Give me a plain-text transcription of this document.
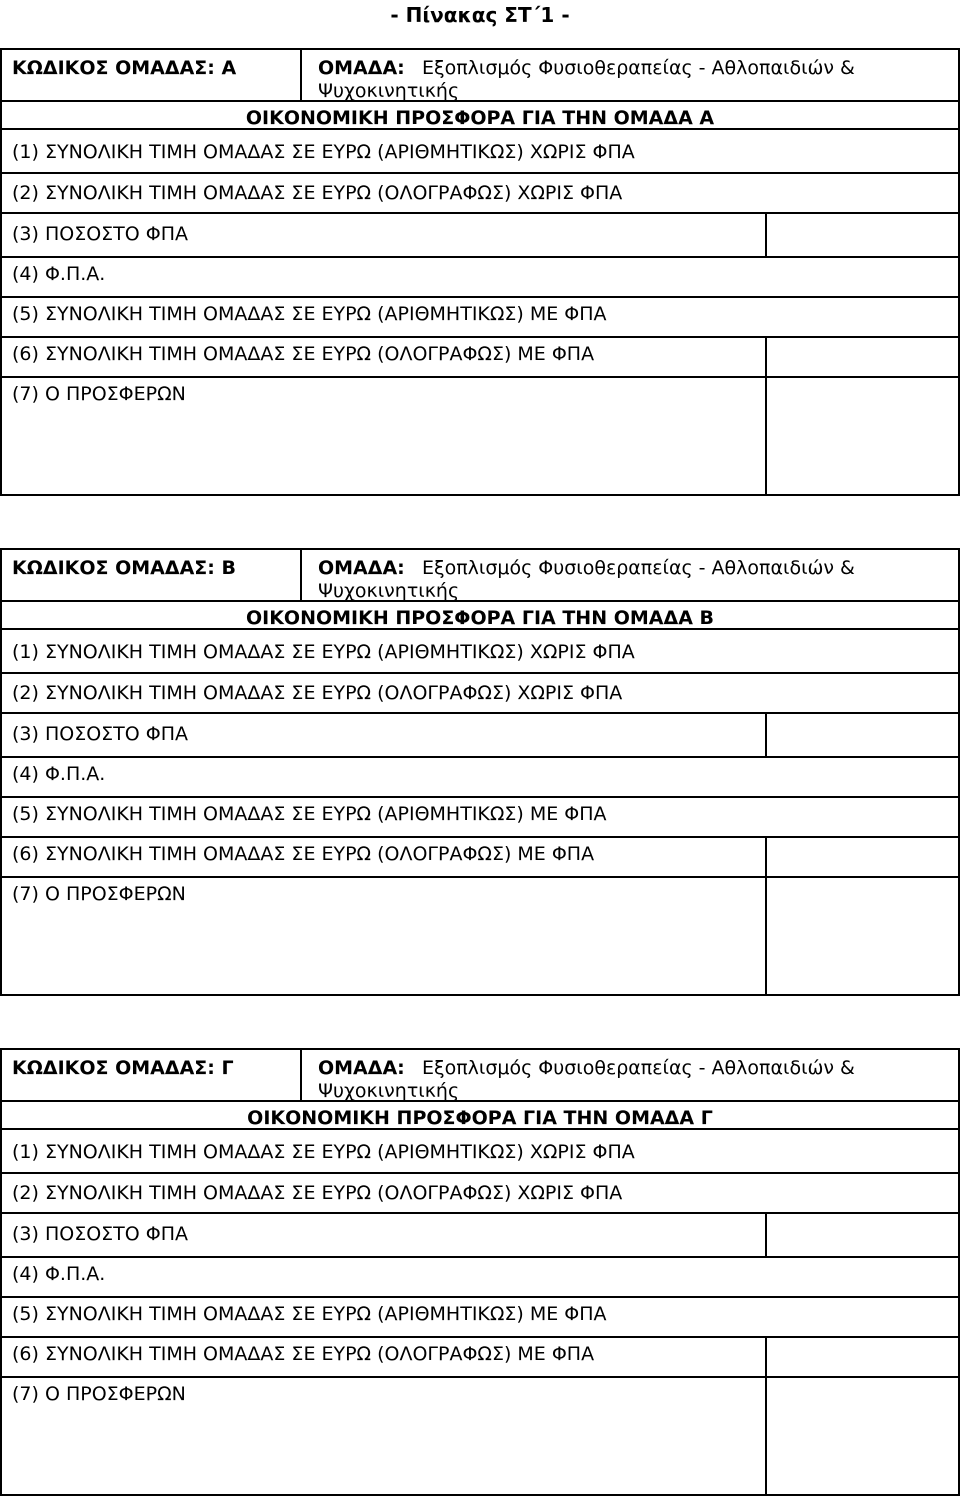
- Πίνακας ΣΤ΄1 -
ΚΩΔΙΚΟΣ ΟΜΑΔΑΣ: Α	ΟΜΑΔΑ: Εξοπλισμός Φυσιοθεραπείας - Αθλοπαιδιών &
Ψυχοκινητικής
ΟΙΚΟΝΟΜΙΚΗ ΠΡΟΣΦΟΡΑ ΓΙΑ ΤΗΝ ΟΜΑΔΑ Α
(1) ΣΥΝΟΛΙΚΗ ΤΙΜΗ ΟΜΑΔΑΣ ΣΕ ΕΥΡΩ (ΑΡΙΘΜΗΤΙΚΩΣ) ΧΩΡΙΣ ΦΠΑ
(2) ΣΥΝΟΛΙΚΗ ΤΙΜΗ ΟΜΑΔΑΣ ΣΕ ΕΥΡΩ (ΟΛΟΓΡΑΦΩΣ) ΧΩΡΙΣ ΦΠΑ
(3) ΠΟΣΟΣΤΟ ΦΠΑ
(4) Φ.Π.Α.
(5) ΣΥΝΟΛΙΚΗ ΤΙΜΗ ΟΜΑΔΑΣ ΣΕ ΕΥΡΩ (ΑΡΙΘΜΗΤΙΚΩΣ) ΜΕ ΦΠΑ
(6) ΣΥΝΟΛΙΚΗ ΤΙΜΗ ΟΜΑΔΑΣ ΣΕ ΕΥΡΩ (ΟΛΟΓΡΑΦΩΣ) ΜΕ ΦΠΑ
(7) Ο ΠΡΟΣΦΕΡΩΝ
ΚΩΔΙΚΟΣ ΟΜΑΔΑΣ: Β	ΟΜΑΔΑ: Εξοπλισμός Φυσιοθεραπείας - Αθλοπαιδιών &
Ψυχοκινητικής
ΟΙΚΟΝΟΜΙΚΗ ΠΡΟΣΦΟΡΑ ΓΙΑ ΤΗΝ ΟΜΑΔΑ Β
(1) ΣΥΝΟΛΙΚΗ ΤΙΜΗ ΟΜΑΔΑΣ ΣΕ ΕΥΡΩ (ΑΡΙΘΜΗΤΙΚΩΣ) ΧΩΡΙΣ ΦΠΑ
(2) ΣΥΝΟΛΙΚΗ ΤΙΜΗ ΟΜΑΔΑΣ ΣΕ ΕΥΡΩ (ΟΛΟΓΡΑΦΩΣ) ΧΩΡΙΣ ΦΠΑ
(3) ΠΟΣΟΣΤΟ ΦΠΑ
(4) Φ.Π.Α.
(5) ΣΥΝΟΛΙΚΗ ΤΙΜΗ ΟΜΑΔΑΣ ΣΕ ΕΥΡΩ (ΑΡΙΘΜΗΤΙΚΩΣ) ΜΕ ΦΠΑ
(6) ΣΥΝΟΛΙΚΗ ΤΙΜΗ ΟΜΑΔΑΣ ΣΕ ΕΥΡΩ (ΟΛΟΓΡΑΦΩΣ) ΜΕ ΦΠΑ
(7) Ο ΠΡΟΣΦΕΡΩΝ
ΚΩΔΙΚΟΣ ΟΜΑΔΑΣ: Γ	ΟΜΑΔΑ: Εξοπλισμός Φυσιοθεραπείας - Αθλοπαιδιών &
Ψυχοκινητικής
ΟΙΚΟΝΟΜΙΚΗ ΠΡΟΣΦΟΡΑ ΓΙΑ ΤΗΝ ΟΜΑΔΑ Γ
(1) ΣΥΝΟΛΙΚΗ ΤΙΜΗ ΟΜΑΔΑΣ ΣΕ ΕΥΡΩ (ΑΡΙΘΜΗΤΙΚΩΣ) ΧΩΡΙΣ ΦΠΑ
(2) ΣΥΝΟΛΙΚΗ ΤΙΜΗ ΟΜΑΔΑΣ ΣΕ ΕΥΡΩ (ΟΛΟΓΡΑΦΩΣ) ΧΩΡΙΣ ΦΠΑ
(3) ΠΟΣΟΣΤΟ ΦΠΑ
(4) Φ.Π.Α.
(5) ΣΥΝΟΛΙΚΗ ΤΙΜΗ ΟΜΑΔΑΣ ΣΕ ΕΥΡΩ (ΑΡΙΘΜΗΤΙΚΩΣ) ΜΕ ΦΠΑ
(6) ΣΥΝΟΛΙΚΗ ΤΙΜΗ ΟΜΑΔΑΣ ΣΕ ΕΥΡΩ (ΟΛΟΓΡΑΦΩΣ) ΜΕ ΦΠΑ
(7) Ο ΠΡΟΣΦΕΡΩΝ
